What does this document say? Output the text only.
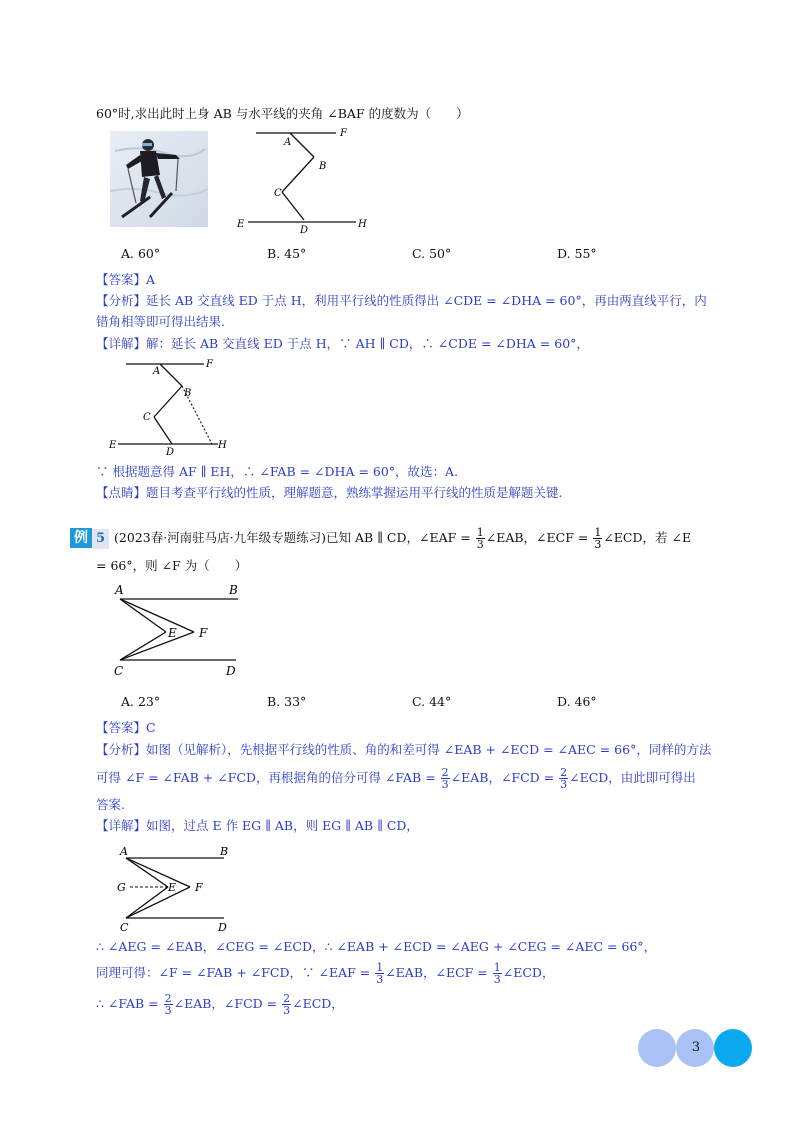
60°时,求出此时上身 AB 与水平线的夹角 ∠BAF 的度数为（　　）
A
B
C
D
E
F
H
A. 60°	B. 45°	C. 50°	D. 55°
【答案】A
【分析】延长 AB 交直线 ED 于点 H，利用平行线的性质得出 ∠CDE = ∠DHA = 60°，再由两直线平行，内
错角相等即可得出结果.
【详解】解：延长 AB 交直线 ED 于点 H，∵ AH ∥ CD，∴ ∠CDE = ∠DHA = 60°，
A
B
C
D
E
F
H
∵ 根据题意得 AF ∥ EH，∴ ∠FAB = ∠DHA = 60°，故选：A.
【点睛】题目考查平行线的性质，理解题意，熟练掌握运用平行线的性质是解题关键.
例 5 (2023春·河南驻马店·九年级专题练习)已知 AB ∥ CD，∠EAF = $\frac{1}{3}$ ∠EAB，∠ECF = $\frac{1}{3}$ ∠ECD，若 ∠E
= 66°，则 ∠F 为（　　）
A	B
C	D
E F
A. 23°	B. 33°	C. 44°	D. 46°
【答案】C
【分析】如图（见解析），先根据平行线的性质、角的和差可得 ∠EAB + ∠ECD = ∠AEC = 66°，同样的方法
可得 ∠F = ∠FAB + ∠FCD，再根据角的倍分可得 ∠FAB = $\frac{2}{3}$ ∠EAB，∠FCD = $\frac{2}{3}$ ∠ECD，由此即可得出
答案.
【详解】如图，过点 E 作 EG ∥ AB，则 EG ∥ AB ∥ CD，
A	B
C	D
G	E F
∴ ∠AEG = ∠EAB，∠CEG = ∠ECD，∴ ∠EAB + ∠ECD = ∠AEG + ∠CEG = ∠AEC = 66°，
同理可得：∠F = ∠FAB + ∠FCD，∵ ∠EAF = $\frac{1}{3}$ ∠EAB，∠ECF = $\frac{1}{3}$ ∠ECD，
∴ ∠FAB = $\frac{2}{3}$ ∠EAB，∠FCD = $\frac{2}{3}$ ∠ECD，
3
